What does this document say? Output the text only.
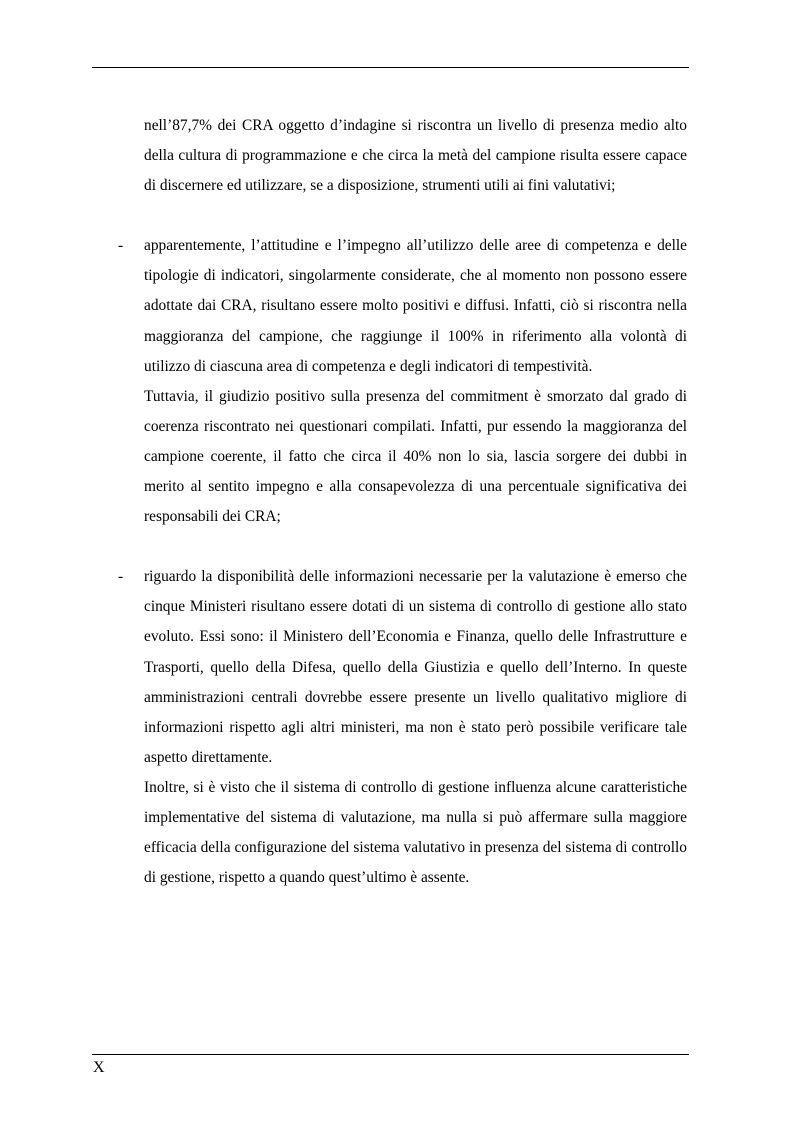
nell’87,7% dei CRA oggetto d’indagine si riscontra un livello di presenza medio alto della cultura di programmazione e che circa la metà del campione risulta essere capace di discernere ed utilizzare, se a disposizione, strumenti utili ai fini valutativi;

- apparentemente, l’attitudine e l’impegno all’utilizzo delle aree di competenza e delle tipologie di indicatori, singolarmente considerate, che al momento non possono essere adottate dai CRA, risultano essere molto positivi e diffusi. Infatti, ciò si riscontra nella maggioranza del campione, che raggiunge il 100% in riferimento alla volontà di utilizzo di ciascuna area di competenza e degli indicatori di tempestività.

Tuttavia, il giudizio positivo sulla presenza del commitment è smorzato dal grado di coerenza riscontrato nei questionari compilati. Infatti, pur essendo la maggioranza del campione coerente, il fatto che circa il 40% non lo sia, lascia sorgere dei dubbi in merito al sentito impegno e alla consapevolezza di una percentuale significativa dei responsabili dei CRA;

- riguardo la disponibilità delle informazioni necessarie per la valutazione è emerso che cinque Ministeri risultano essere dotati di un sistema di controllo di gestione allo stato evoluto. Essi sono: il Ministero dell’Economia e Finanza, quello delle Infrastrutture e Trasporti, quello della Difesa, quello della Giustizia e quello dell’Interno. In queste amministrazioni centrali dovrebbe essere presente un livello qualitativo migliore di informazioni rispetto agli altri ministeri, ma non è stato però possibile verificare tale aspetto direttamente.

Inoltre, si è visto che il sistema di controllo di gestione influenza alcune caratteristiche implementative del sistema di valutazione, ma nulla si può affermare sulla maggiore efficacia della configurazione del sistema valutativo in presenza del sistema di controllo di gestione, rispetto a quando quest’ultimo è assente.

X
